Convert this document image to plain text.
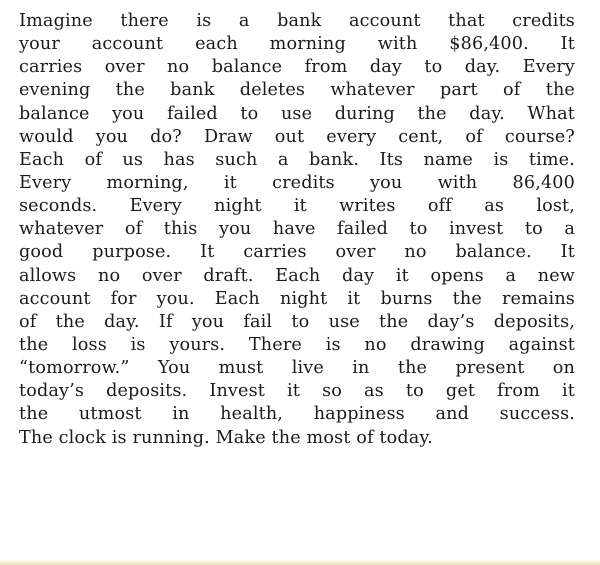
Imagine there is a bank account that credits
your account each morning with $86,400. It
carries over no balance from day to day. Every
evening the bank deletes whatever part of the
balance you failed to use during the day. What
would you do? Draw out every cent, of course?
Each of us has such a bank. Its name is time.
Every morning, it credits you with 86,400
seconds. Every night it writes off as lost,
whatever of this you have failed to invest to a
good purpose. It carries over no balance. It
allows no over draft. Each day it opens a new
account for you. Each night it burns the remains
of the day. If you fail to use the day’s deposits,
the loss is yours. There is no drawing against
“tomorrow.” You must live in the present on
today’s deposits. Invest it so as to get from it
the utmost in health, happiness and success.
The clock is running. Make the most of today.
